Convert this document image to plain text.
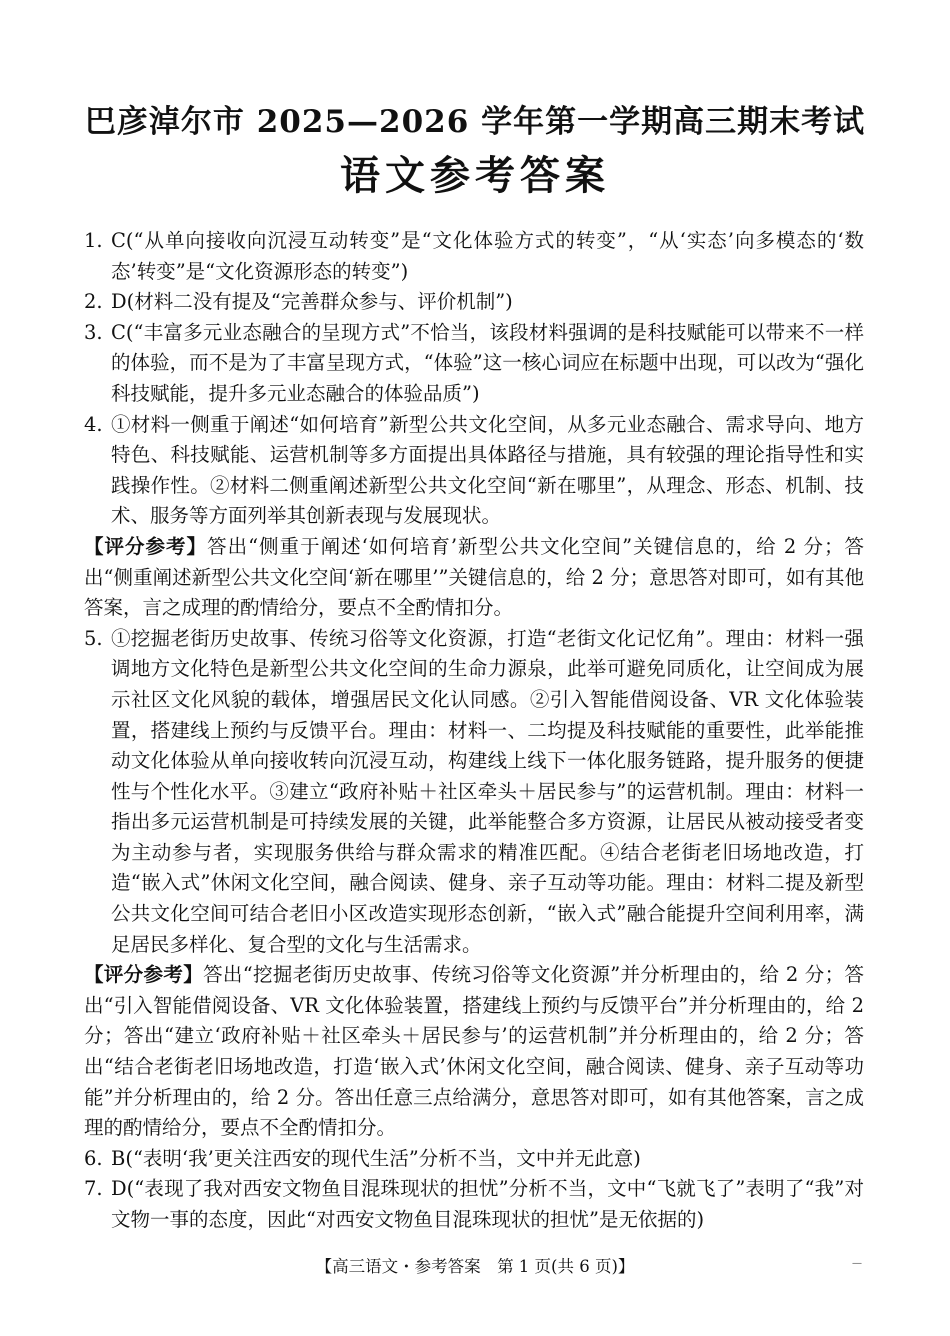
巴彦淖尔市 2025—2026 学年第一学期高三期末考试
语文参考答案

1. C(“从单向接收向沉浸互动转变”是“文化体验方式的转变”，“从‘实态’向多模态的‘数态’转变”是“文化资源形态的转变”)

2. D(材料二没有提及“完善群众参与、评价机制”)

3. C(“丰富多元业态融合的呈现方式”不恰当，该段材料强调的是科技赋能可以带来不一样的体验，而不是为了丰富呈现方式，“体验”这一核心词应在标题中出现，可以改为“强化科技赋能，提升多元业态融合的体验品质”)

4. ①材料一侧重于阐述“如何培育”新型公共文化空间，从多元业态融合、需求导向、地方特色、科技赋能、运营机制等多方面提出具体路径与措施，具有较强的理论指导性和实践操作性。②材料二侧重阐述新型公共文化空间“新在哪里”，从理念、形态、机制、技术、服务等方面列举其创新表现与发展现状。

【评分参考】答出“侧重于阐述‘如何培育’新型公共文化空间”关键信息的，给 2 分；答出“侧重阐述新型公共文化空间‘新在哪里’”关键信息的，给 2 分；意思答对即可，如有其他答案，言之成理的酌情给分，要点不全酌情扣分。

5. ①挖掘老街历史故事、传统习俗等文化资源，打造“老街文化记忆角”。理由：材料一强调地方文化特色是新型公共文化空间的生命力源泉，此举可避免同质化，让空间成为展示社区文化风貌的载体，增强居民文化认同感。②引入智能借阅设备、VR 文化体验装置，搭建线上预约与反馈平台。理由：材料一、二均提及科技赋能的重要性，此举能推动文化体验从单向接收转向沉浸互动，构建线上线下一体化服务链路，提升服务的便捷性与个性化水平。③建立“政府补贴＋社区牵头＋居民参与”的运营机制。理由：材料一指出多元运营机制是可持续发展的关键，此举能整合多方资源，让居民从被动接受者变为主动参与者，实现服务供给与群众需求的精准匹配。④结合老街老旧场地改造，打造“嵌入式”休闲文化空间，融合阅读、健身、亲子互动等功能。理由：材料二提及新型公共文化空间可结合老旧小区改造实现形态创新，“嵌入式”融合能提升空间利用率，满足居民多样化、复合型的文化与生活需求。

【评分参考】答出“挖掘老街历史故事、传统习俗等文化资源”并分析理由的，给 2 分；答出“引入智能借阅设备、VR 文化体验装置，搭建线上预约与反馈平台”并分析理由的，给 2 分；答出“建立‘政府补贴＋社区牵头＋居民参与’的运营机制”并分析理由的，给 2 分；答出“结合老街老旧场地改造，打造‘嵌入式’休闲文化空间，融合阅读、健身、亲子互动等功能”并分析理由的，给 2 分。答出任意三点给满分，意思答对即可，如有其他答案，言之成理的酌情给分，要点不全酌情扣分。

6. B(“表明‘我’更关注西安的现代生活”分析不当，文中并无此意)

7. D(“表现了我对西安文物鱼目混珠现状的担忧”分析不当，文中“飞就飞了”表明了“我”对文物一事的态度，因此“对西安文物鱼目混珠现状的担忧”是无依据的)

【高三语文・参考答案　第 1 页(共 6 页)】	—
